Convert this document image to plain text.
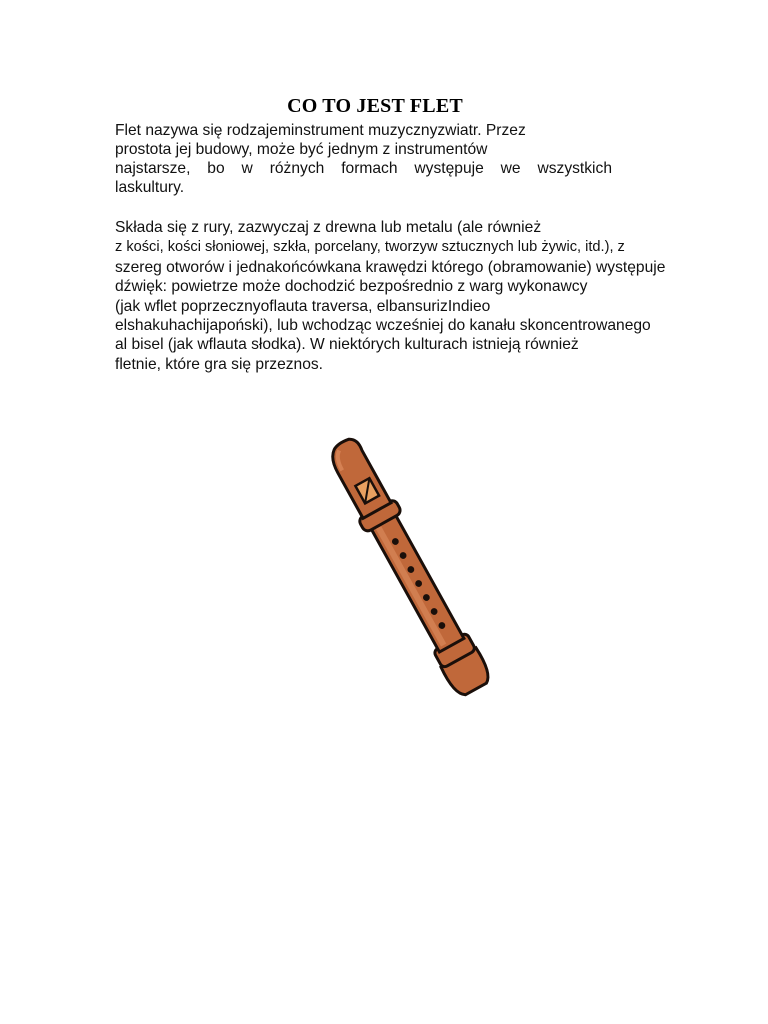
CO TO JEST FLET

Flet nazywa się rodzajeminstrument muzycznyzwiatr. Przez

prostota jej budowy, może być jednym z instrumentów

najstarsze, bo w różnych formach występuje we wszystkich

laskultury.

Składa się z rury, zazwyczaj z drewna lub metalu (ale również

z kości, kości słoniowej, szkła, porcelany, tworzyw sztucznych lub żywic, itd.), z

szereg otworów i jednakońcówkana krawędzi którego (obramowanie) występuje

dźwięk: powietrze może dochodzić bezpośrednio z warg wykonawcy

(jak wflet poprzecznyoflauta traversa, elbansurizIndieo

elshakuhachijapoński), lub wchodząc wcześniej do kanału skoncentrowanego

al bisel (jak wflauta słodka). W niektórych kulturach istnieją również

fletnie, które gra się przeznos.
